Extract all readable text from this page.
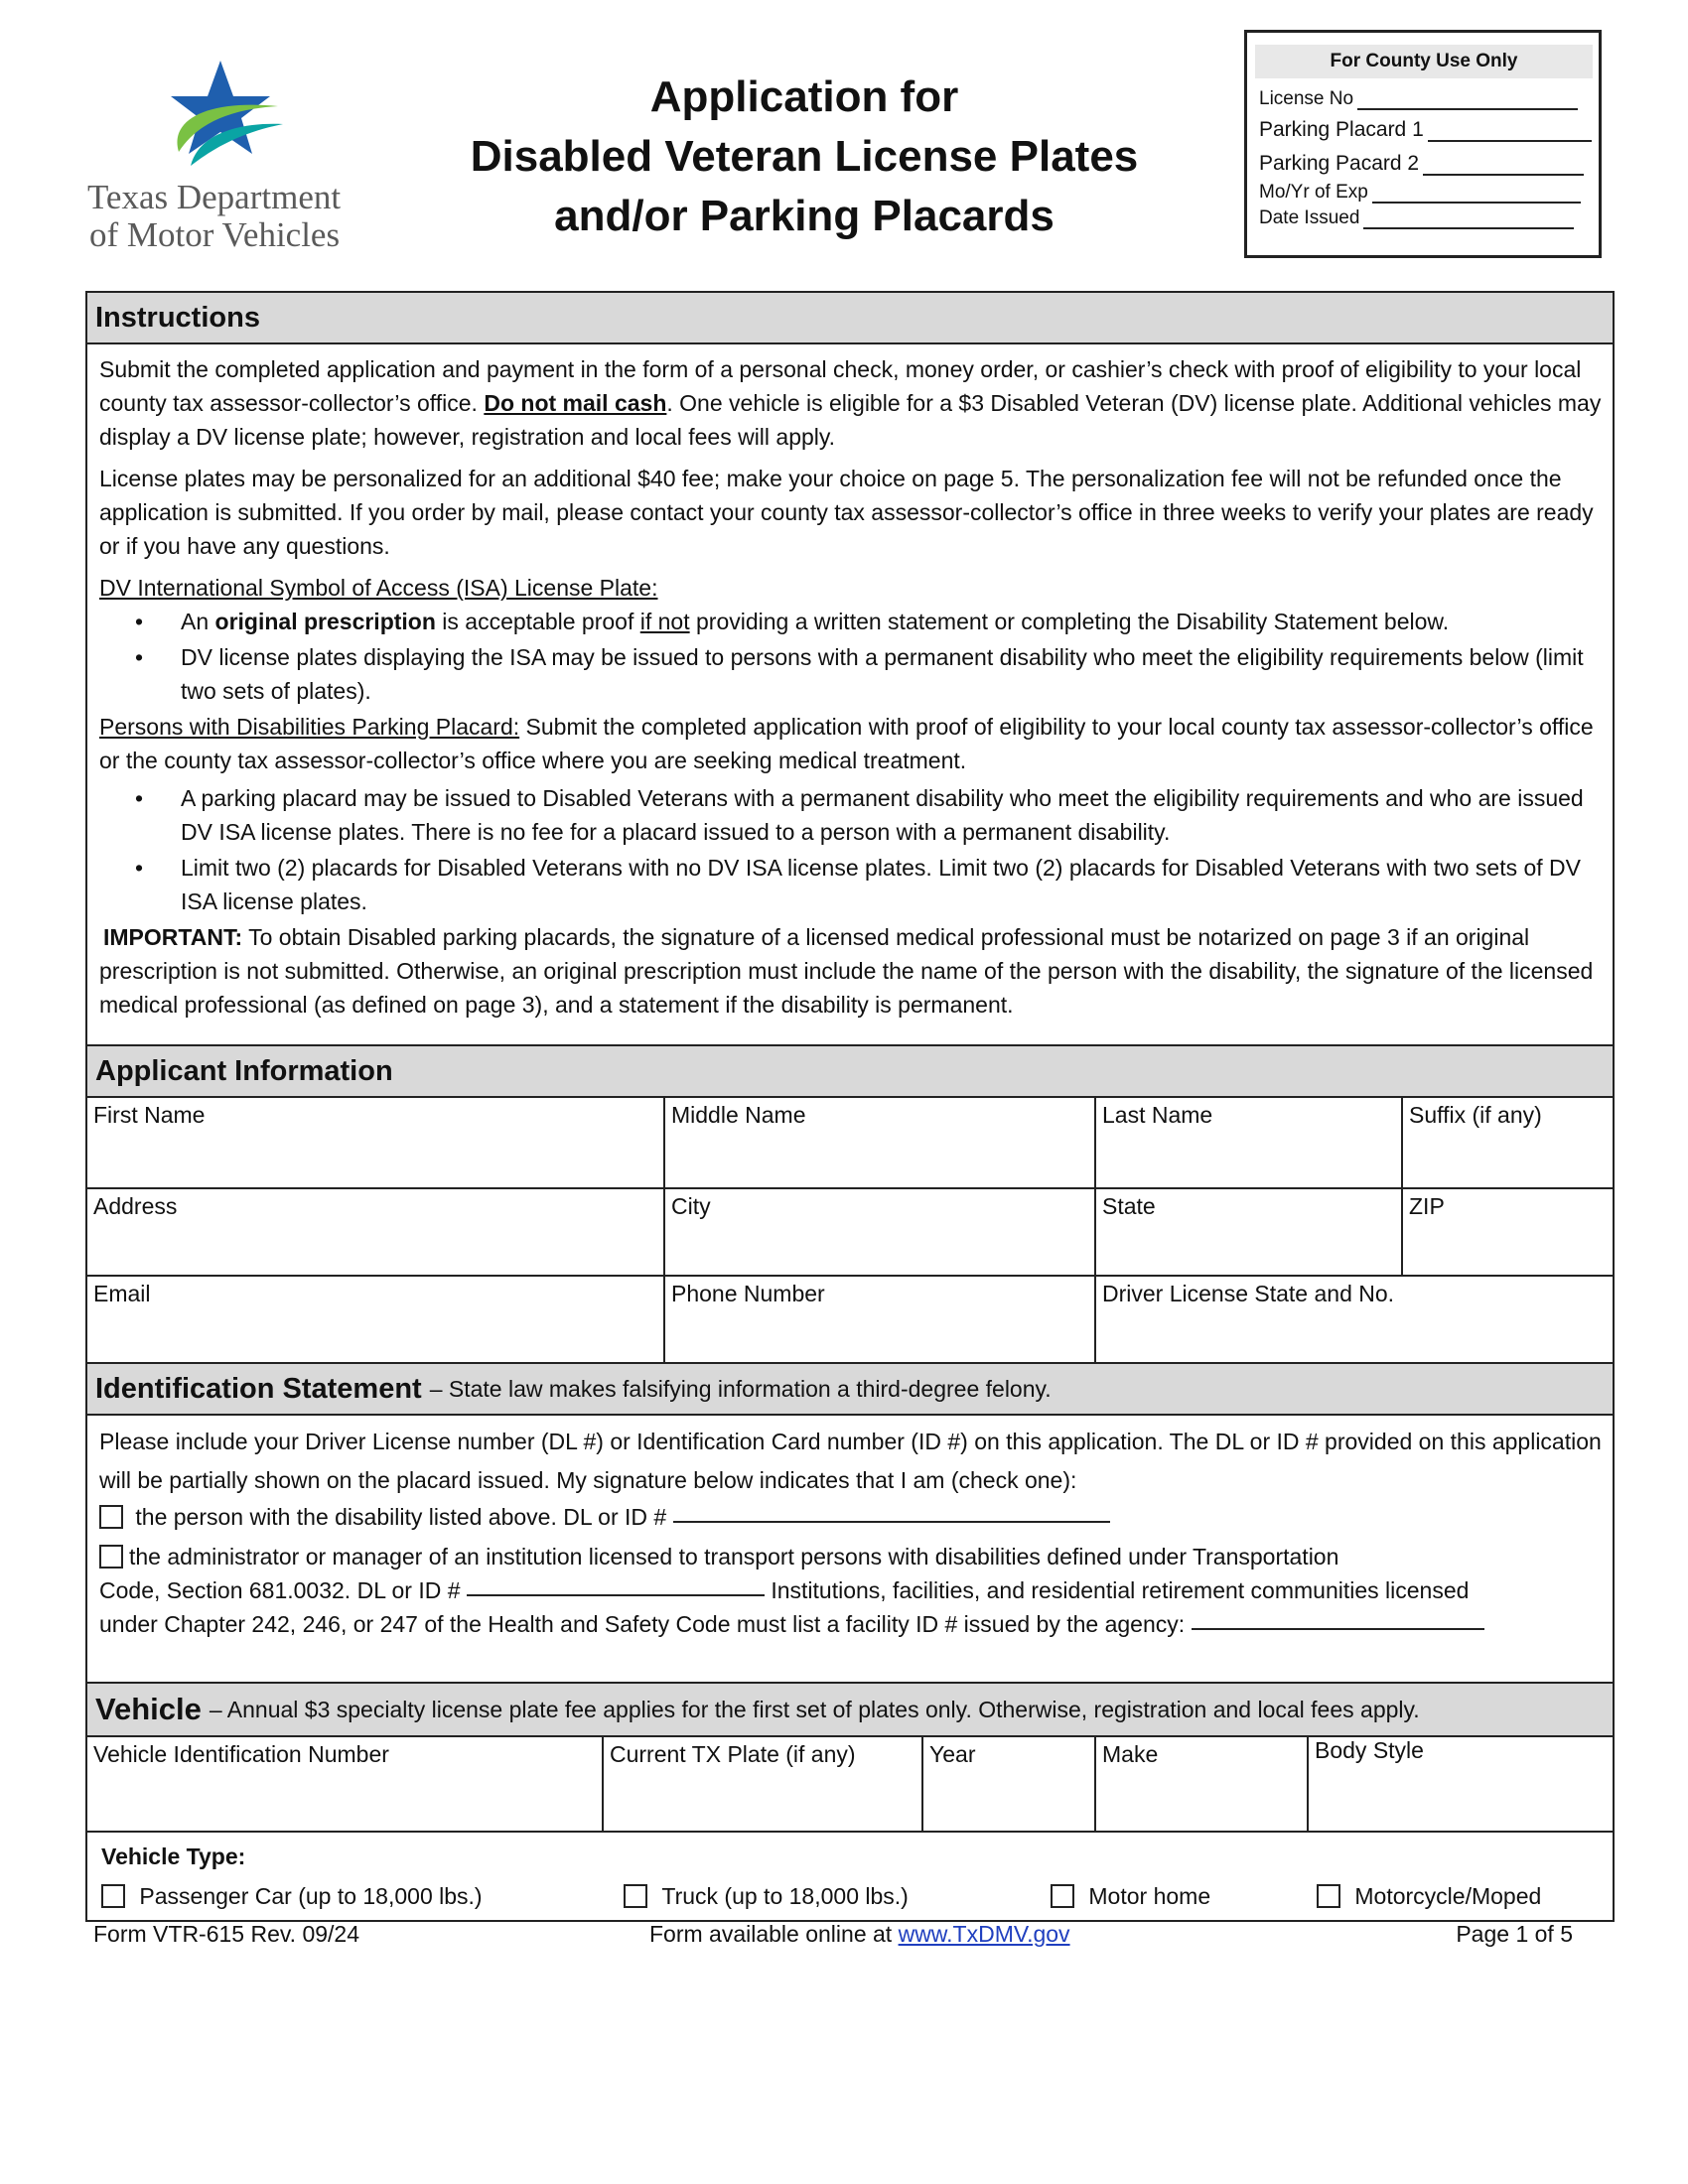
Texas Department
of Motor Vehicles
Application for
Disabled Veteran License Plates
and/or Parking Placards
For County Use Only
License No
Parking Placard 1
Parking Pacard 2
Mo/Yr of Exp
Date Issued
Instructions
Submit the completed application and payment in the form of a personal check, money order, or cashier’s check with proof of eligibility to your local county tax assessor-collector’s office. Do not mail cash. One vehicle is eligible for a $3 Disabled Veteran (DV) license plate. Additional vehicles may display a DV license plate; however, registration and local fees will apply.
License plates may be personalized for an additional $40 fee; make your choice on page 5. The personalization fee will not be refunded once the application is submitted. If you order by mail, please contact your county tax assessor-collector’s office in three weeks to verify your plates are ready or if you have any questions.
DV International Symbol of Access (ISA) License Plate:
• An original prescription is acceptable proof if not providing a written statement or completing the Disability Statement below.
• DV license plates displaying the ISA may be issued to persons with a permanent disability who meet the eligibility requirements below (limit two sets of plates).
Persons with Disabilities Parking Placard: Submit the completed application with proof of eligibility to your local county tax assessor-collector’s office or the county tax assessor-collector’s office where you are seeking medical treatment.
• A parking placard may be issued to Disabled Veterans with a permanent disability who meet the eligibility requirements and who are issued DV ISA license plates. There is no fee for a placard issued to a person with a permanent disability.
• Limit two (2) placards for Disabled Veterans with no DV ISA license plates. Limit two (2) placards for Disabled Veterans with two sets of DV ISA license plates.
IMPORTANT: To obtain Disabled parking placards, the signature of a licensed medical professional must be notarized on page 3 if an original prescription is not submitted. Otherwise, an original prescription must include the name of the person with the disability, the signature of the licensed medical professional (as defined on page 3), and a statement if the disability is permanent.
Applicant Information
First Name	Middle Name	Last Name	Suffix (if any)
Address	City	State	ZIP
Email	Phone Number	Driver License State and No.
Identification Statement – State law makes falsifying information a third-degree felony.
Please include your Driver License number (DL #) or Identification Card number (ID #) on this application. The DL or ID # provided on this application will be partially shown on the placard issued. My signature below indicates that I am (check one):
the person with the disability listed above. DL or ID #
the administrator or manager of an institution licensed to transport persons with disabilities defined under Transportation
Code, Section 681.0032. DL or ID #	Institutions, facilities, and residential retirement communities licensed
under Chapter 242, 246, or 247 of the Health and Safety Code must list a facility ID # issued by the agency:
Vehicle – Annual $3 specialty license plate fee applies for the first set of plates only. Otherwise, registration and local fees apply.
Vehicle Identification Number	Current TX Plate (if any)	Year	Make	Body Style
Vehicle Type:
Passenger Car (up to 18,000 lbs.)	Truck (up to 18,000 lbs.)	Motor home	Motorcycle/Moped
Form VTR-615 Rev. 09/24	Form available online at www.TxDMV.gov	Page 1 of 5
